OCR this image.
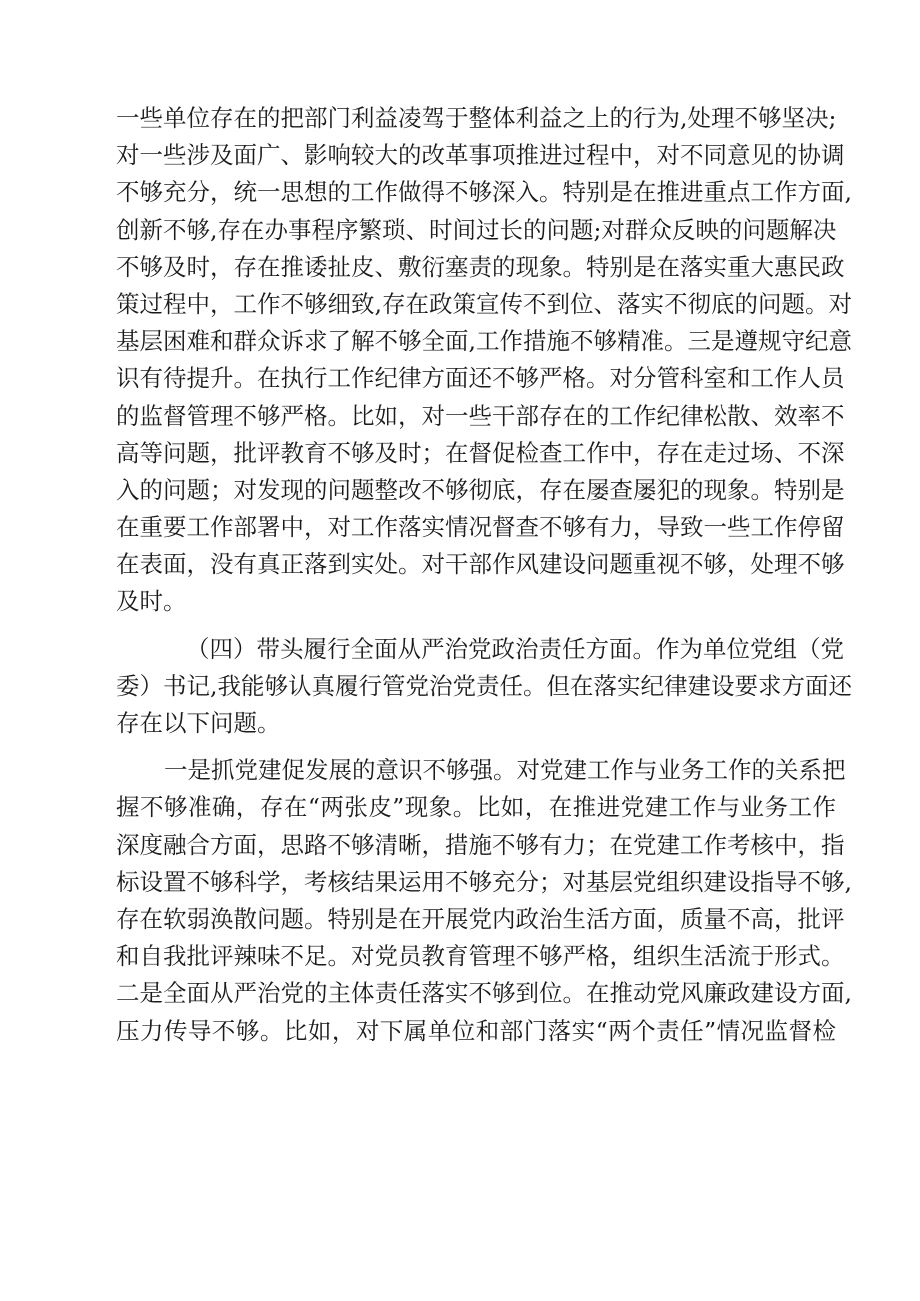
一些单位存在的把部门利益凌驾于整体利益之上的行为,处理不够坚决;
对一些涉及面广、影响较大的改革事项推进过程中，对不同意见的协调
不够充分，统一思想的工作做得不够深入。特别是在推进重点工作方面,
创新不够,存在办事程序繁琐、时间过长的问题;对群众反映的问题解决
不够及时，存在推诿扯皮、敷衍塞责的现象。特别是在落实重大惠民政
策过程中，工作不够细致,存在政策宣传不到位、落实不彻底的问题。对
基层困难和群众诉求了解不够全面,工作措施不够精准。三是遵规守纪意
识有待提升。在执行工作纪律方面还不够严格。对分管科室和工作人员
的监督管理不够严格。比如，对一些干部存在的工作纪律松散、效率不
高等问题，批评教育不够及时；在督促检查工作中，存在走过场、不深
入的问题；对发现的问题整改不够彻底，存在屡查屡犯的现象。特别是
在重要工作部署中，对工作落实情况督查不够有力，导致一些工作停留
在表面，没有真正落到实处。对干部作风建设问题重视不够，处理不够
及时。
（四）带头履行全面从严治党政治责任方面。作为单位党组（党
委）书记,我能够认真履行管党治党责任。但在落实纪律建设要求方面还
存在以下问题。
一是抓党建促发展的意识不够强。对党建工作与业务工作的关系把
握不够准确，存在“两张皮”现象。比如，在推进党建工作与业务工作
深度融合方面，思路不够清晰，措施不够有力；在党建工作考核中，指
标设置不够科学，考核结果运用不够充分；对基层党组织建设指导不够,
存在软弱涣散问题。特别是在开展党内政治生活方面，质量不高，批评
和自我批评辣味不足。对党员教育管理不够严格，组织生活流于形式。
二是全面从严治党的主体责任落实不够到位。在推动党风廉政建设方面,
压力传导不够。比如，对下属单位和部门落实“两个责任”情况监督检
